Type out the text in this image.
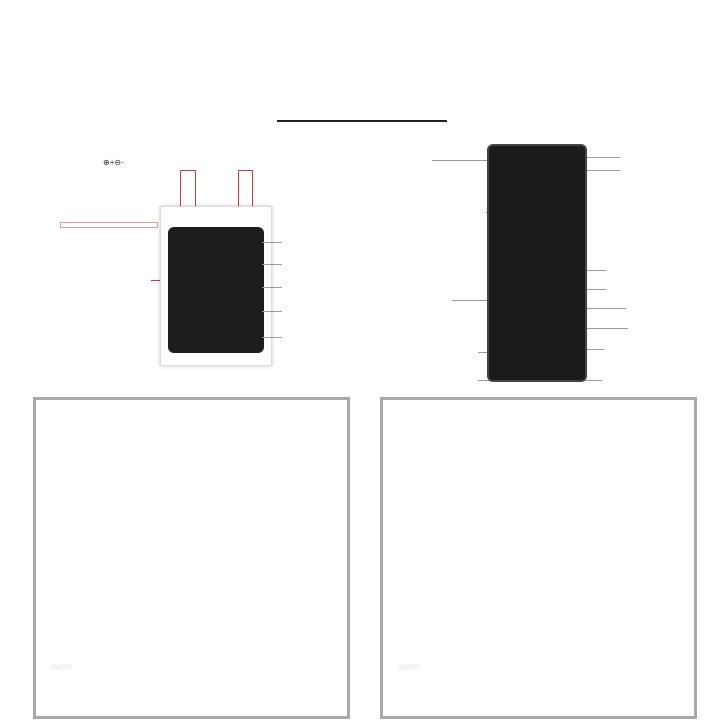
⊕+⊖-
ssdon	ssdon
